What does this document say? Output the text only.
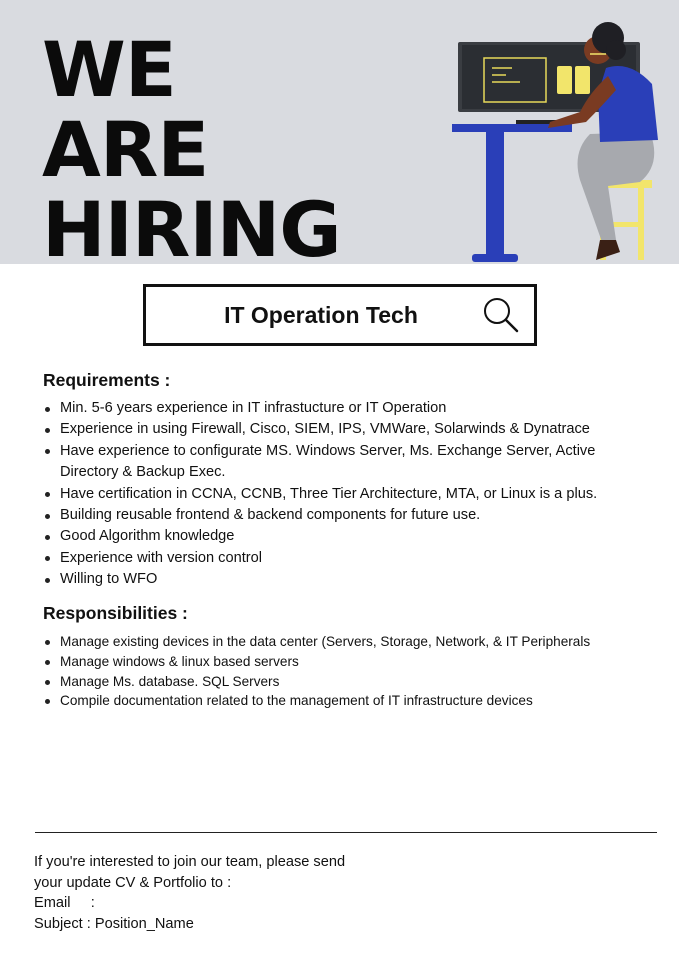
WE
ARE
HIRING
IT Operation Tech
Requirements :
Min. 5-6 years experience in IT infrastucture or IT Operation
Experience in using Firewall, Cisco, SIEM, IPS, VMWare, Solarwinds & Dynatrace
Have experience to configurate MS. Windows Server, Ms. Exchange Server, Active Directory & Backup Exec.
Have certification in CCNA, CCNB, Three Tier Architecture, MTA, or Linux is a plus.
Building reusable frontend & backend components for future use.
Good Algorithm knowledge
Experience with version control
Willing to WFO
Responsibilities :
Manage existing devices in the data center (Servers, Storage, Network, & IT Peripherals
Manage windows & linux based servers
Manage Ms. database. SQL Servers
Compile documentation related to the management of IT infrastructure devices
If you're interested to join our team, please send
your update CV & Portfolio to :
Email     :
Subject : Position_Name
